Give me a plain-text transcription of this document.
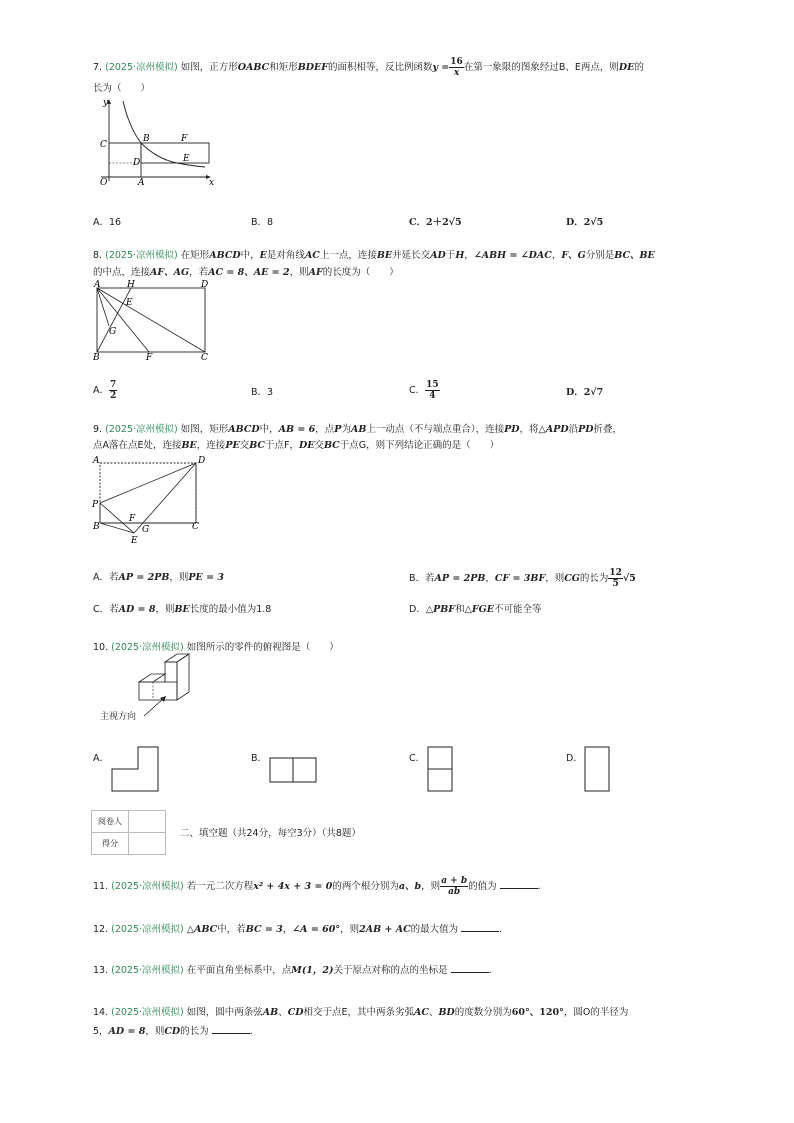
7. (2025·凉州模拟) 如图，正方形OABC和矩形BDEF的面积相等，反比例函数$y = \frac{16}{x}$ 在第一象限的图象经过B、E两点，则DE的
长为（　　）
y
x
O	A
B
C
D	E
F
A．16	B．8	C．2＋2√5	D．2√5
8. (2025·凉州模拟) 在矩形ABCD中，E是对角线AC上一点，连接BE并延长交AD于H，∠ABH = ∠DAC，F、G分别是BC、BE
的中点，连接AF、AG，若AC = 8、AE = 2，则AF的长度为（　　）
A	H	D
E
G
B	F	C
A． $\frac{7}{2}$	B．3	C． $\frac{15}{4}$	D．2√7
9. (2025·凉州模拟) 如图，矩形ABCD中，AB = 6，点P为AB上一动点（不与端点重合），连接PD，将△APD沿PD折叠，
点A落在点E处，连接BE，连接PE交BC于点F，DE交BC于点G，则下列结论正确的是（　　）
A	D
P
B
F
G	C
E
A．若AP = 2PB，则PE = 3	B．若AP = 2PB，CF = 3BF，则CG的长为 $\frac{12}{5} √5$
C．若AD = 8，则BE长度的最小值为1.8	D．△PBF和△FGE不可能全等
10. (2025·凉州模拟) 如图所示的零件的俯视图是（　　）
主视方向
A．	B．	C．	D．
阅卷人	
得分	
二、填空题（共24分，每空3分）（共8题）
11. (2025·凉州模拟) 若一元二次方程x² + 4x + 3 = 0的两个根分别为a、b，则 $\frac{a + b}{ab}$ 的值为	．
12. (2025·凉州模拟) △ABC中，若BC = 3，∠A = 60°，则2AB + AC的最大值为	．
13. (2025·凉州模拟) 在平面直角坐标系中，点M(1，2)关于原点对称的点的坐标是	．
14. (2025·凉州模拟) 如图，圆中两条弦AB、CD相交于点E，其中两条劣弧AC、BD的度数分别为60°、120°，圆O的半径为
5，AD = 8，则CD的长为	．
